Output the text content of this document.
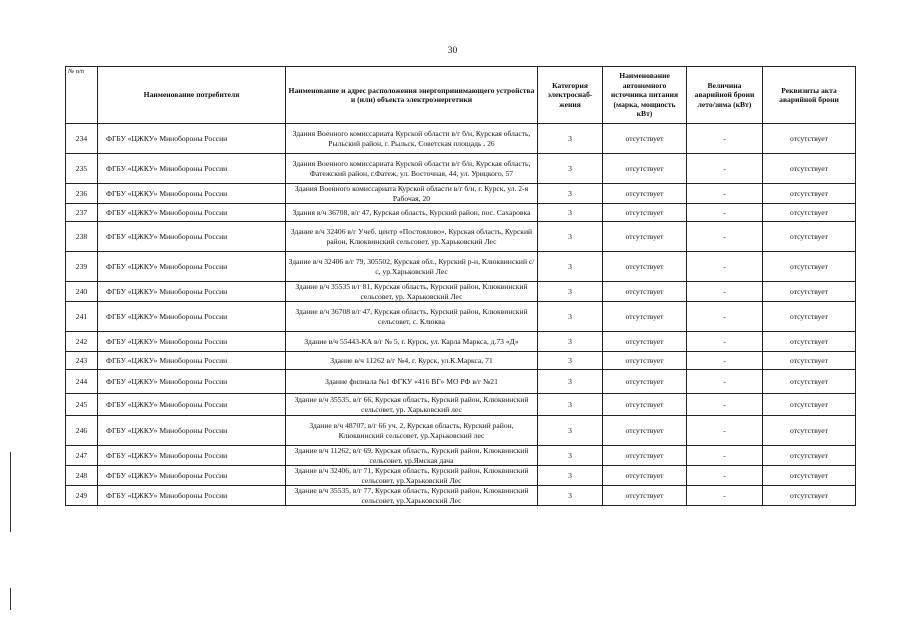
30
№ п/п	Наименование потребителя	Наименование и адрес расположения энергопринимающего устройства и (или) объекта электроэнергетики	Категория электроснаб-жения	Наименование автономного источника питания (марка, мощность кВт)	Величина аварийной брони лето/зима (кВт)	Реквизиты акта аварийной брони
234	ФГБУ «ЦЖКУ» Минобороны России	Здания Военного комиссариата Курской области в/г б/н, Курская область, Рыльский район, г. Рыльск, Советская площадь , 26	3	отсутствует	-	отсутствует
235	ФГБУ «ЦЖКУ» Минобороны России	Здания Военного комиссариата Курской области в/г б/н, Курская область, Фатежский район, г.Фатеж, ул. Восточная, 44, ул. Урицкого, 57	3	отсутствует	-	отсутствует
236	ФГБУ «ЦЖКУ» Минобороны России	Здания Военного комиссариата Курской области в/г б/н, г. Курск, ул. 2-я Рабочая, 20	3	отсутствует	-	отсутствует
237	ФГБУ «ЦЖКУ» Минобороны России	Здания в/ч 36708, в/г 47, Курская область, Курский район, пос. Сахаровка	3	отсутствует	-	отсутствует
238	ФГБУ «ЦЖКУ» Минобороны России	Здание в/ч 32406 в/г Учеб. центр «Постоялово», Курская область, Курский район, Клюквинский сельсовет, ур.Харьковский Лес	3	отсутствует	-	отсутствует
239	ФГБУ «ЦЖКУ» Минобороны России	Здание в/ч 32406 в/г 79, 305502, Курская обл., Курский р-н, Клюквинский с/с, ур.Харьковский Лес	3	отсутствует	-	отсутствует
240	ФГБУ «ЦЖКУ» Минобороны России	Здание в/ч 35535 в/г 81, Курская область, Курский район, Клюквинский сельсовет, ур. Харьковский Лес	3	отсутствует	-	отсутствует
241	ФГБУ «ЦЖКУ» Минобороны России	Здание в/ч 36708 в/г 47, Курская область, Курский район, Клюквинский сельсовет, с. Клюква	3	отсутствует	-	отсутствует
242	ФГБУ «ЦЖКУ» Минобороны России	Здание в/ч 55443-КА в/г № 5, г. Курск, ул. Карла Маркса, д.73 «Д»	3	отсутствует	-	отсутствует
243	ФГБУ «ЦЖКУ» Минобороны России	Здание в/ч 11262 в/г №4, г. Курск, ул.К.Маркса, 71	3	отсутствует	-	отсутствует
244	ФГБУ «ЦЖКУ» Минобороны России	Здание филиала №1 ФГКУ «416 ВГ» МО РФ в/г №21	3	отсутствует	-	отсутствует
245	ФГБУ «ЦЖКУ» Минобороны России	Здание в/ч 35535, в/г 66, Курская область, Курский район, Клюквинский сельсовет, ур. Харьковский лес	3	отсутствует	-	отсутствует
246	ФГБУ «ЦЖКУ» Минобороны России	Здание в/ч 48707, в/г 66 уч. 2, Курская область, Курский район, Клюквинский сельсовет, ур.Харьковский лес	3	отсутствует	-	отсутствует
247	ФГБУ «ЦЖКУ» Минобороны России	Здание в/ч 11262, в/г 69, Курская область, Курский район, Клюквинский сельсовет, ур.Ямская дача	3	отсутствует	-	отсутствует
248	ФГБУ «ЦЖКУ» Минобороны России	Здание в/ч 32406, в/г 71, Курская область, Курский район, Клюквинский сельсовет, ур.Харьковский Лес	3	отсутствует	-	отсутствует
249	ФГБУ «ЦЖКУ» Минобороны России	Здание в/ч 35535, в/г 77, Курская область, Курский район, Клюквинский сельсовет, ур.Харьковский Лес	3	отсутствует	-	отсутствует
